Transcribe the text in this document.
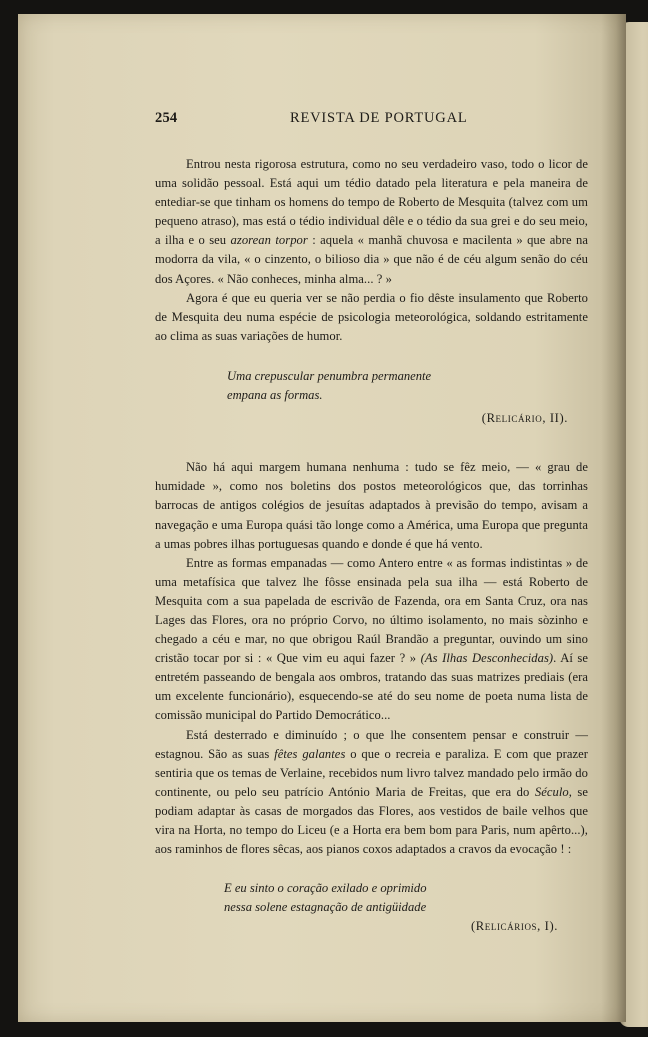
254	REVISTA DE PORTUGAL

Entrou nesta rigorosa estrutura, como no seu verdadeiro vaso, todo o licor de uma solidão pessoal. Está aqui um tédio datado pela literatura e pela maneira de entediar-se que tinham os homens do tempo de Roberto de Mesquita (talvez com um pequeno atraso), mas está o tédio individual dêle e o tédio da sua grei e do seu meio, a ilha e o seu azorean torpor : aquela « manhã chuvosa e macilenta » que abre na modorra da vila, « o cinzento, o bilioso dia » que não é de céu algum senão do céu dos Açores. « Não conheces, minha alma... ? »

Agora é que eu queria ver se não perdia o fio dêste insulamento que Roberto de Mesquita deu numa espécie de psicologia meteorológica, soldando estritamente ao clima as suas variações de humor.

Uma crepuscular penumbra permanente

empana as formas.

(Relicário, II).

Não há aqui margem humana nenhuma : tudo se fêz meio, — « grau de humidade », como nos boletins dos postos meteorológicos que, das torrinhas barrocas de antigos colégios de jesuítas adaptados à previsão do tempo, avisam a navegação e uma Europa quási tão longe como a América, uma Europa que pregunta a umas pobres ilhas portuguesas quando e donde é que há vento.

Entre as formas empanadas — como Antero entre « as formas indistintas » de uma metafísica que talvez lhe fôsse ensinada pela sua ilha — está Roberto de Mesquita com a sua papelada de escrivão de Fazenda, ora em Santa Cruz, ora nas Lages das Flores, ora no próprio Corvo, no último isolamento, no mais sòzinho e chegado a céu e mar, no que obrigou Raúl Brandão a preguntar, ouvindo um sino cristão tocar por si : « Que vim eu aqui fazer ? » (As Ilhas Desconhecidas). Aí se entretém passeando de bengala aos ombros, tratando das suas matrizes prediais (era um excelente funcionário), esquecendo-se até do seu nome de poeta numa lista de comissão municipal do Partido Democrático...

Está desterrado e diminuído ; o que lhe consentem pensar e construir — estagnou. São as suas fêtes galantes o que o recreia e paraliza. E com que prazer sentiria que os temas de Verlaine, recebidos num livro talvez mandado pelo irmão do continente, ou pelo seu patrício António Maria de Freitas, que era do Século, se podiam adaptar às casas de morgados das Flores, aos vestidos de baile velhos que vira na Horta, no tempo do Liceu (e a Horta era bem bom para Paris, num apêrto...), aos raminhos de flores sêcas, aos pianos coxos adaptados a cravos da evocação ! :

E eu sinto o coração exilado e oprimido

nessa solene estagnação de antigüidade

(Relicários, I).
